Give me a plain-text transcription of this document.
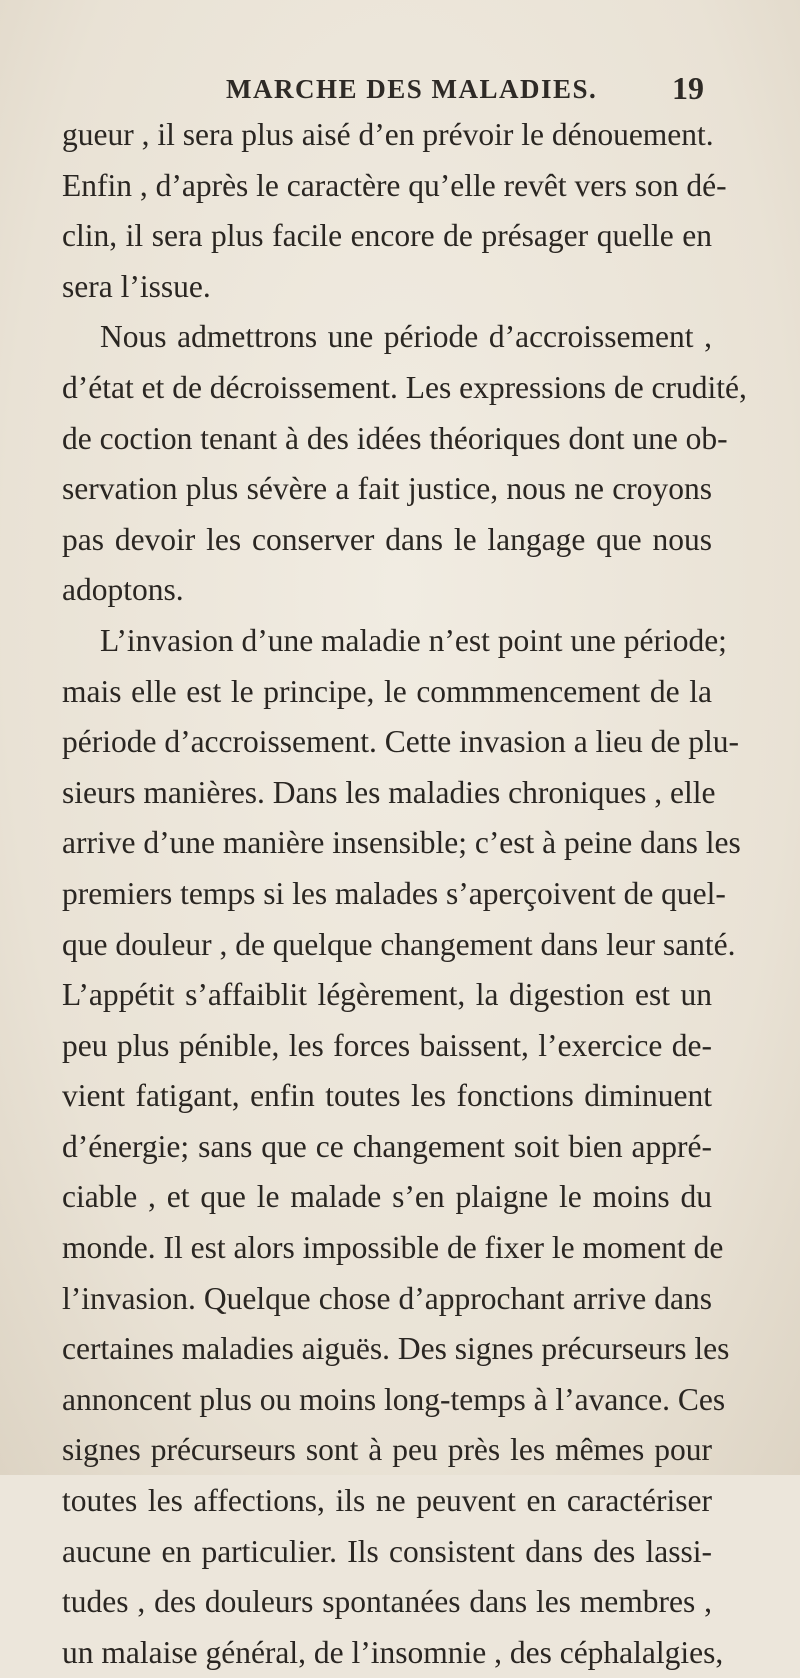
MARCHE DES MALADIES. 19
gueur , il sera plus aisé d’en prévoir le dénouement.
Enfin , d’après le caractère qu’elle revêt vers son dé-
clin, il sera plus facile encore de présager quelle en
sera l’issue.
Nous admettrons une période d’accroissement ,
d’état et de décroissement. Les expressions de crudité,
de coction tenant à des idées théoriques dont une ob-
servation plus sévère a fait justice, nous ne croyons
pas devoir les conserver dans le langage que nous
adoptons.
L’invasion d’une maladie n’est point une période;
mais elle est le principe, le commmencement de la
période d’accroissement. Cette invasion a lieu de plu-
sieurs manières. Dans les maladies chroniques , elle
arrive d’une manière insensible; c’est à peine dans les
premiers temps si les malades s’aperçoivent de quel-
que douleur , de quelque changement dans leur santé.
L’appétit s’affaiblit légèrement, la digestion est un
peu plus pénible, les forces baissent, l’exercice de-
vient fatigant, enfin toutes les fonctions diminuent
d’énergie; sans que ce changement soit bien appré-
ciable , et que le malade s’en plaigne le moins du
monde. Il est alors impossible de fixer le moment de
l’invasion. Quelque chose d’approchant arrive dans
certaines maladies aiguës. Des signes précurseurs les
annoncent plus ou moins long-temps à l’avance. Ces
signes précurseurs sont à peu près les mêmes pour
toutes les affections, ils ne peuvent en caractériser
aucune en particulier. Ils consistent dans des lassi-
tudes , des douleurs spontanées dans les membres ,
un malaise général, de l’insomnie , des céphalalgies,
